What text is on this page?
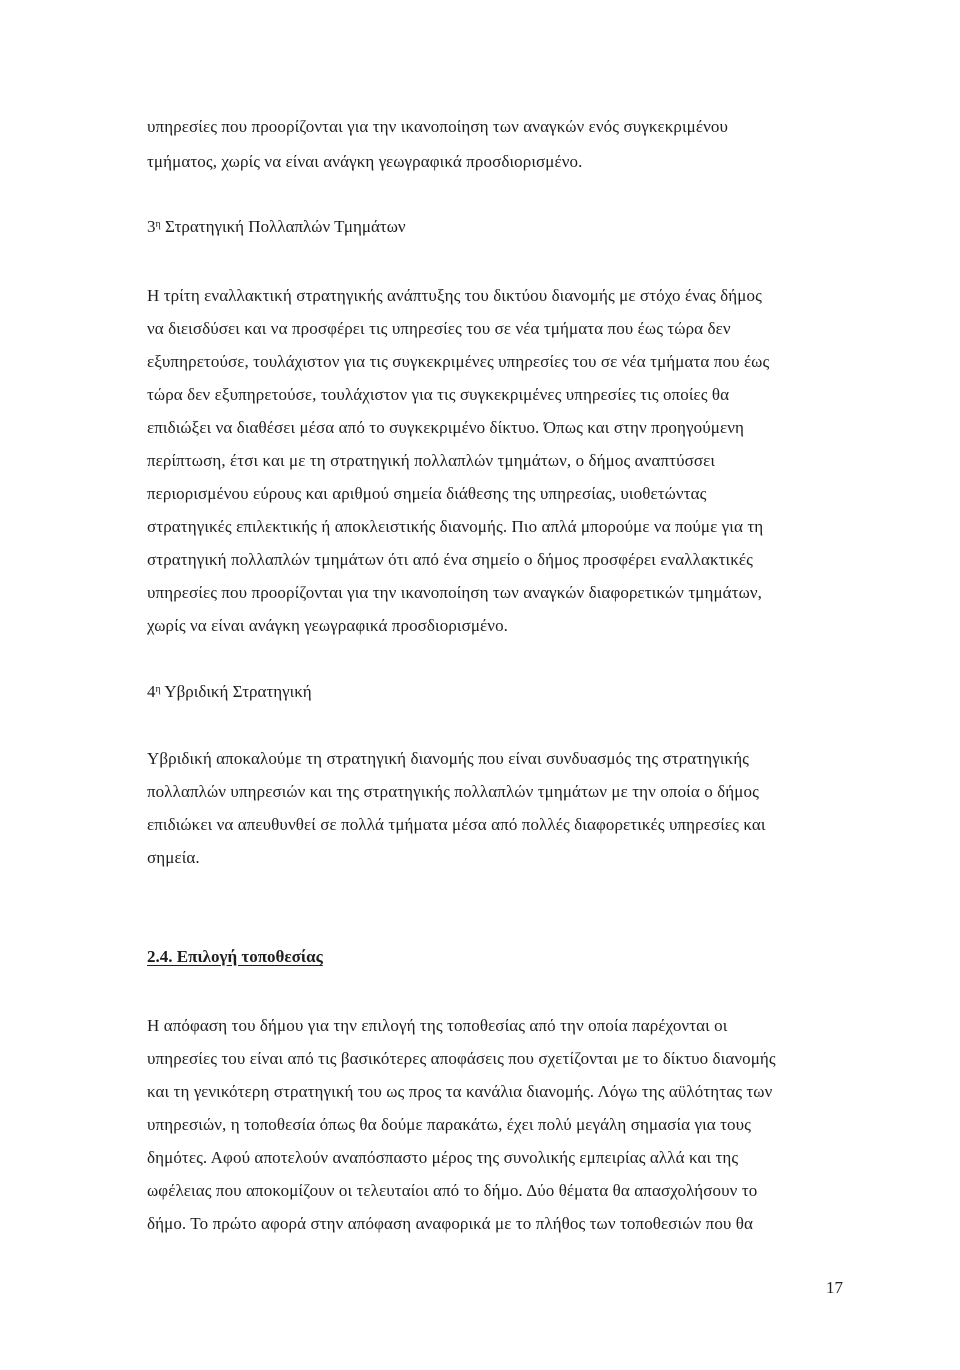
υπηρεσίες που προορίζονται για την ικανοποίηση των αναγκών ενός συγκεκριμένου
τμήματος, χωρίς να είναι ανάγκη γεωγραφικά προσδιορισμένο.
$3^\eta$ Στρατηγική Πολλαπλών Τμημάτων
Η τρίτη εναλλακτική στρατηγικής ανάπτυξης του δικτύου διανομής με στόχο ένας δήμος
να διεισδύσει και να προσφέρει τις υπηρεσίες του σε νέα τμήματα που έως τώρα δεν
εξυπηρετούσε, τουλάχιστον για τις συγκεκριμένες υπηρεσίες του σε νέα τμήματα που έως
τώρα δεν εξυπηρετούσε, τουλάχιστον για τις συγκεκριμένες υπηρεσίες τις οποίες θα
επιδιώξει να διαθέσει μέσα από το συγκεκριμένο δίκτυο. Όπως και στην προηγούμενη
περίπτωση, έτσι και με τη στρατηγική πολλαπλών τμημάτων, ο δήμος αναπτύσσει
περιορισμένου εύρους και αριθμού σημεία διάθεσης της υπηρεσίας, υιοθετώντας
στρατηγικές επιλεκτικής ή αποκλειστικής διανομής. Πιο απλά μπορούμε να πούμε για τη
στρατηγική πολλαπλών τμημάτων ότι από ένα σημείο ο δήμος προσφέρει εναλλακτικές
υπηρεσίες που προορίζονται για την ικανοποίηση των αναγκών διαφορετικών τμημάτων,
χωρίς να είναι ανάγκη γεωγραφικά προσδιορισμένο.
$4^\eta$ Υβριδική Στρατηγική
Υβριδική αποκαλούμε τη στρατηγική διανομής που είναι συνδυασμός της στρατηγικής
πολλαπλών υπηρεσιών και της στρατηγικής πολλαπλών τμημάτων με την οποία ο δήμος
επιδιώκει να απευθυνθεί σε πολλά τμήματα μέσα από πολλές διαφορετικές υπηρεσίες και
σημεία.
2.4. Επιλογή τοποθεσίας
Η απόφαση του δήμου για την επιλογή της τοποθεσίας από την οποία παρέχονται οι
υπηρεσίες του είναι από τις βασικότερες αποφάσεις που σχετίζονται με το δίκτυο διανομής
και τη γενικότερη στρατηγική του ως προς τα κανάλια διανομής. Λόγω της αϋλότητας των
υπηρεσιών, η τοποθεσία όπως θα δούμε παρακάτω, έχει πολύ μεγάλη σημασία για τους
δημότες. Αφού αποτελούν αναπόσπαστο μέρος της συνολικής εμπειρίας αλλά και της
ωφέλειας που αποκομίζουν οι τελευταίοι από το δήμο. Δύο θέματα θα απασχολήσουν το
δήμο. Το πρώτο αφορά στην απόφαση αναφορικά με το πλήθος των τοποθεσιών που θα
17
